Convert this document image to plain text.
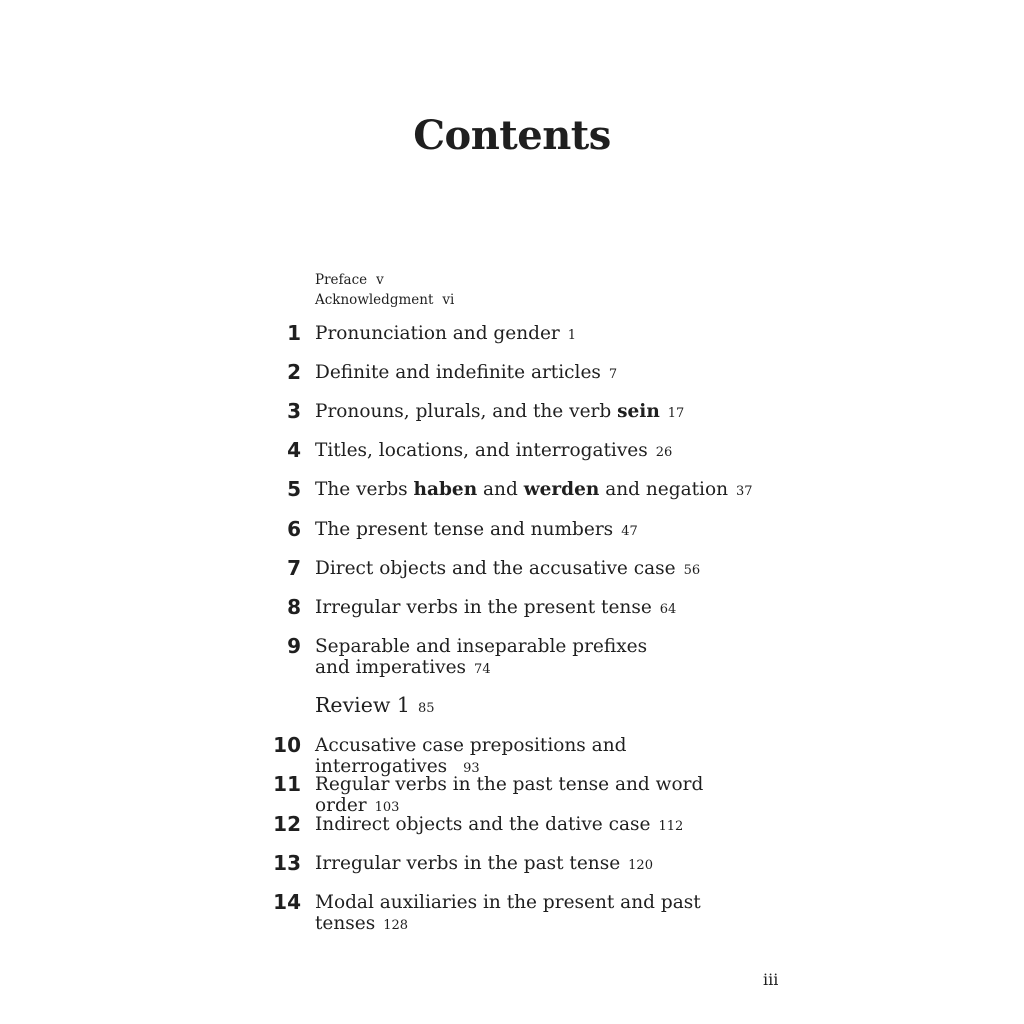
Contents
Preface v
Acknowledgment vi
1 Pronunciation and gender 1
2 Definite and indefinite articles 7
3 Pronouns, plurals, and the verb sein 17
4 Titles, locations, and interrogatives 26
5 The verbs haben and werden and negation 37
6 The present tense and numbers 47
7 Direct objects and the accusative case 56
8 Irregular verbs in the present tense 64
9 Separable and inseparable prefixes
and imperatives 74
Review 1 85
10 Accusative case prepositions and interrogatives 93
11 Regular verbs in the past tense and word order 103
12 Indirect objects and the dative case 112
13 Irregular verbs in the past tense 120
14 Modal auxiliaries in the present and past tenses 128
iii
